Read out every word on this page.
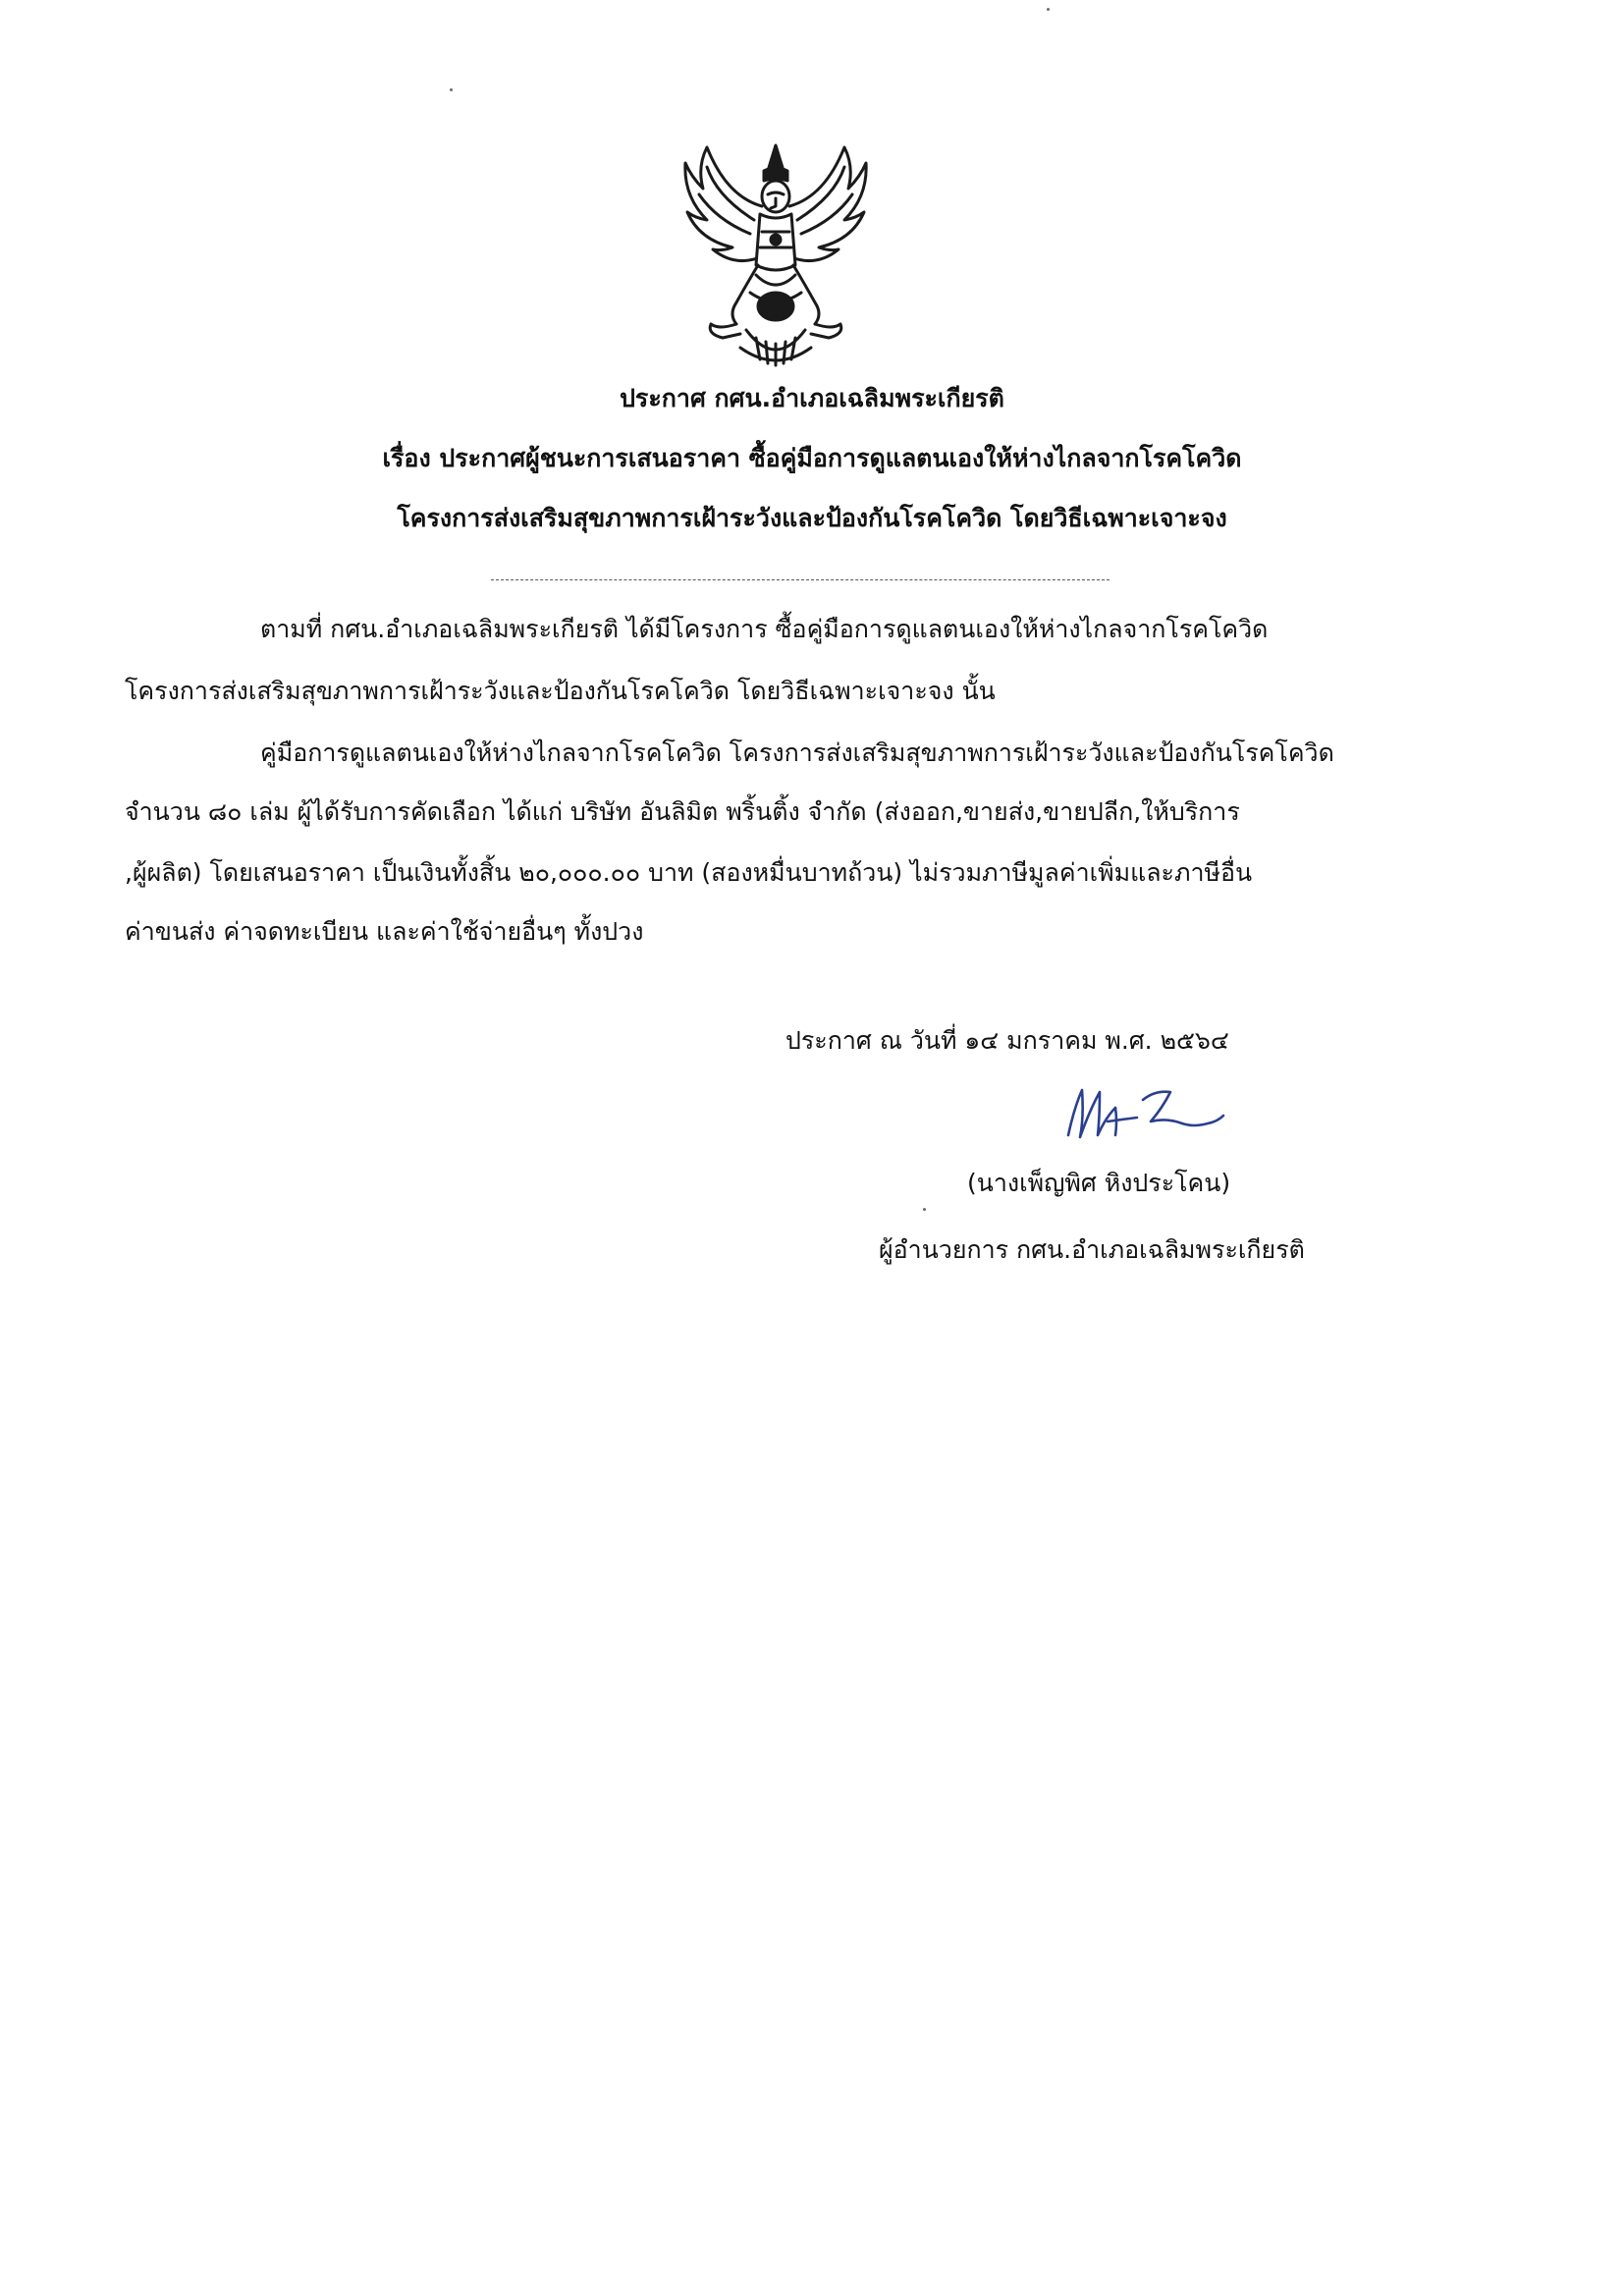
ประกาศ กศน.อำเภอเฉลิมพระเกียรติ
เรื่อง ประกาศผู้ชนะการเสนอราคา ซื้อคู่มือการดูแลตนเองให้ห่างไกลจากโรคโควิด
โครงการส่งเสริมสุขภาพการเฝ้าระวังและป้องกันโรคโควิด โดยวิธีเฉพาะเจาะจง
ตามที่ กศน.อำเภอเฉลิมพระเกียรติ ได้มีโครงการ ซื้อคู่มือการดูแลตนเองให้ห่างไกลจากโรคโควิด
โครงการส่งเสริมสุขภาพการเฝ้าระวังและป้องกันโรคโควิด โดยวิธีเฉพาะเจาะจง นั้น
คู่มือการดูแลตนเองให้ห่างไกลจากโรคโควิด โครงการส่งเสริมสุขภาพการเฝ้าระวังและป้องกันโรคโควิด
จำนวน ๘๐ เล่ม ผู้ได้รับการคัดเลือก ได้แก่ บริษัท อันลิมิต พริ้นติ้ง จำกัด (ส่งออก,ขายส่ง,ขายปลีก,ให้บริการ
,ผู้ผลิต) โดยเสนอราคา เป็นเงินทั้งสิ้น ๒๐,๐๐๐.๐๐ บาท (สองหมื่นบาทถ้วน) ไม่รวมภาษีมูลค่าเพิ่มและภาษีอื่น
ค่าขนส่ง ค่าจดทะเบียน และค่าใช้จ่ายอื่นๆ ทั้งปวง
ประกาศ ณ วันที่ ๑๔ มกราคม พ.ศ. ๒๕๖๔
(นางเพ็ญพิศ หิงประโคน)
ผู้อำนวยการ กศน.อำเภอเฉลิมพระเกียรติ
